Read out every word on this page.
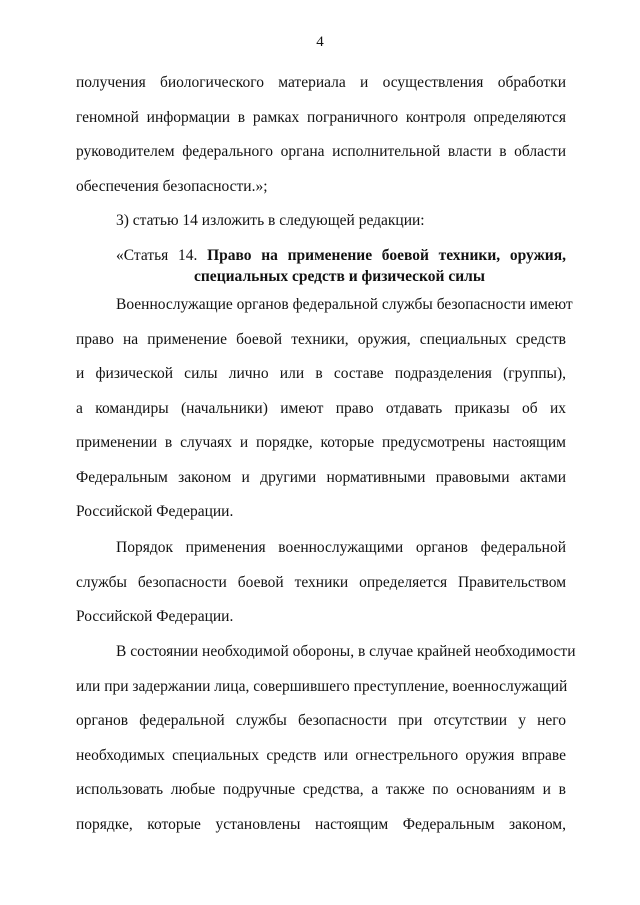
4
получения биологического материала и осуществления обработки
геномной информации в рамках пограничного контроля определяются
руководителем федерального органа исполнительной власти в области
обеспечения безопасности.»;
3) статью 14 изложить в следующей редакции:
«Статья 14. Право на применение боевой техники, оружия,
специальных средств и физической силы
Военнослужащие органов федеральной службы безопасности имеют
право на применение боевой техники, оружия, специальных средств
и физической силы лично или в составе подразделения (группы),
а командиры (начальники) имеют право отдавать приказы об их
применении в случаях и порядке, которые предусмотрены настоящим
Федеральным законом и другими нормативными правовыми актами
Российской Федерации.
Порядок применения военнослужащими органов федеральной
службы безопасности боевой техники определяется Правительством
Российской Федерации.
В состоянии необходимой обороны, в случае крайней необходимости
или при задержании лица, совершившего преступление, военнослужащий
органов федеральной службы безопасности при отсутствии у него
необходимых специальных средств или огнестрельного оружия вправе
использовать любые подручные средства, а также по основаниям и в
порядке, которые установлены настоящим Федеральным законом,
